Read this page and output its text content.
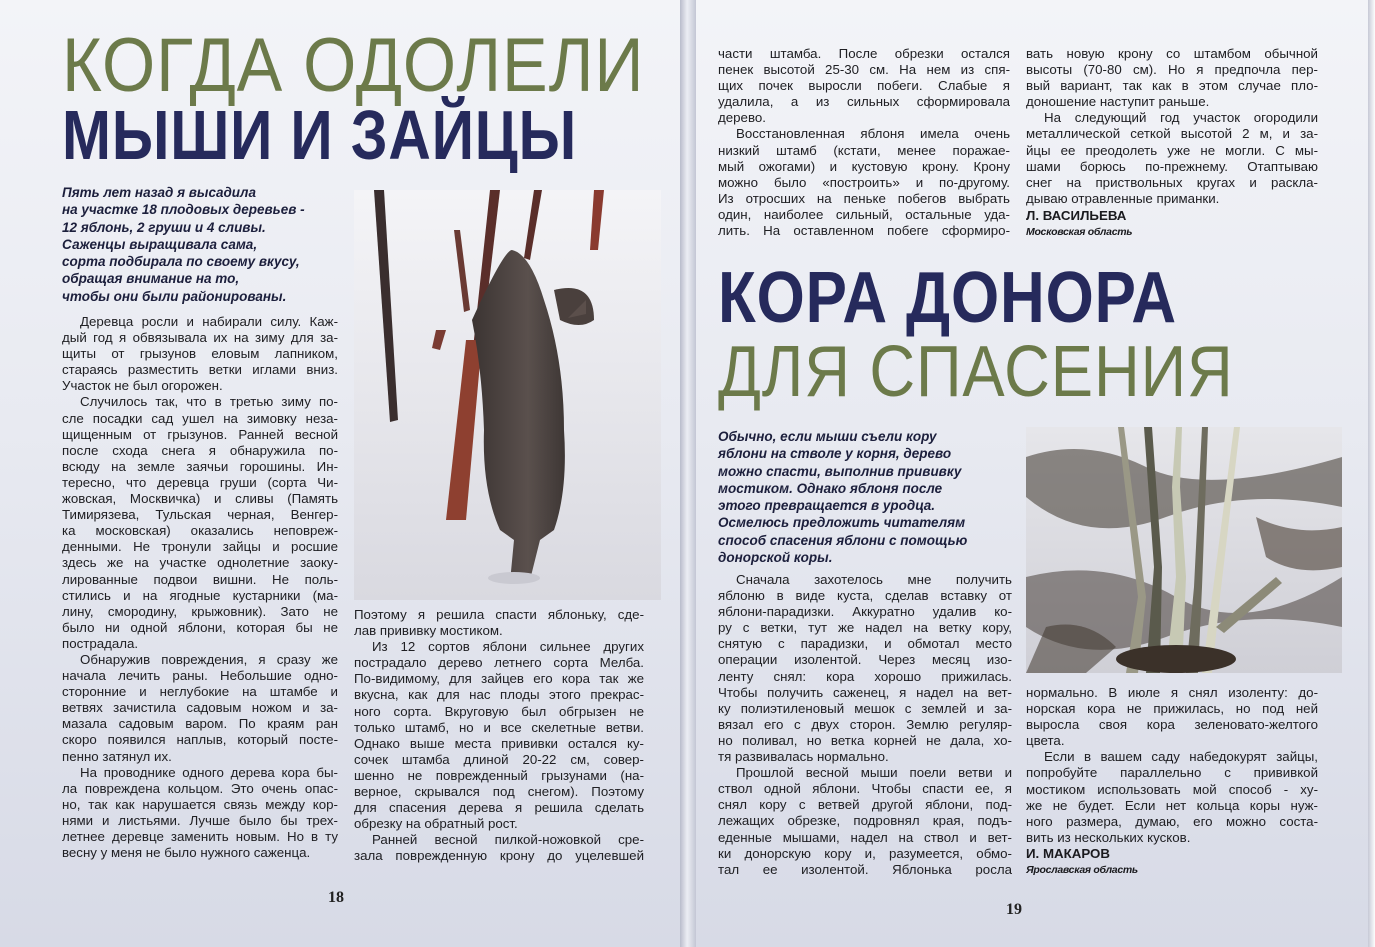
КОГДА ОДОЛЕЛИ
МЫШИ И ЗАЙЦЫ
Пять лет назад я высадила
на участке 18 плодовых деревьев -
12 яблонь, 2 груши и 4 сливы.
Саженцы выращивала сама,
сорта подбирала по своему вкусу,
обращая внимание на то,
чтобы они были районированы.
Деревца росли и набирали силу. Каж-
дый год я обвязывала их на зиму для за-
щиты от грызунов еловым лапником,
стараясь разместить ветки иглами вниз.
Участок не был огорожен.
Случилось так, что в третью зиму по-
сле посадки сад ушел на зимовку неза-
щищенным от грызунов. Ранней весной
после схода снега я обнаружила по-
всюду на земле заячьи горошины. Ин-
тересно, что деревца груши (сорта Чи-
жовская, Москвичка) и сливы (Память
Тимирязева, Тульская черная, Венгер-
ка московская) оказались неповреж-
денными. Не тронули зайцы и росшие
здесь же на участке однолетние заоку-
лированные подвои вишни. Не поль-
стились и на ягодные кустарники (ма-
лину, смородину, крыжовник). Зато не
было ни одной яблони, которая бы не
пострадала.
Обнаружив повреждения, я сразу же
начала лечить раны. Небольшие одно-
сторонние и неглубокие на штамбе и
ветвях зачистила садовым ножом и за-
мазала садовым варом. По краям ран
скоро появился наплыв, который посте-
пенно затянул их.
На проводнике одного дерева кора бы-
ла повреждена кольцом. Это очень опас-
но, так как нарушается связь между кор-
нями и листьями. Лучше было бы трех-
летнее деревце заменить новым. Но в ту
весну у меня не было нужного саженца.
Поэтому я решила спасти яблоньку, сде-
лав прививку мостиком.
Из 12 сортов яблони сильнее других
пострадало дерево летнего сорта Мелба.
По-видимому, для зайцев его кора так же
вкусна, как для нас плоды этого прекрас-
ного сорта. Вкруговую был обгрызен не
только штамб, но и все скелетные ветви.
Однако выше места прививки остался ку-
сочек штамба длиной 20-22 см, совер-
шенно не поврежденный грызунами (на-
верное, скрывался под снегом). Поэтому
для спасения дерева я решила сделать
обрезку на обратный рост.
Ранней весной пилкой-ножовкой сре-
зала поврежденную крону до уцелевшей
18
части штамба. После обрезки остался
пенек высотой 25-30 см. На нем из спя-
щих почек выросли побеги. Слабые я
удалила, а из сильных сформировала
дерево.
Восстановленная яблоня имела очень
низкий штамб (кстати, менее поражае-
мый ожогами) и кустовую крону. Крону
можно было «построить» и по-другому.
Из отросших на пеньке побегов выбрать
один, наиболее сильный, остальные уда-
лить. На оставленном побеге сформиро-
вать новую крону со штамбом обычной
высоты (70-80 см). Но я предпочла пер-
вый вариант, так как в этом случае пло-
доношение наступит раньше.
На следующий год участок огородили
металлической сеткой высотой 2 м, и за-
йцы ее преодолеть уже не могли. С мы-
шами борюсь по-прежнему. Отаптываю
снег на приствольных кругах и раскла-
дываю отравленные приманки.
Л. ВАСИЛЬЕВА
Московская область
КОРА ДОНОРА
ДЛЯ СПАСЕНИЯ
Обычно, если мыши съели кору
яблони на стволе у корня, дерево
можно спасти, выполнив прививку
мостиком. Однако яблоня после
этого превращается в уродца.
Осмелюсь предложить читателям
способ спасения яблони с помощью
донорской коры.
Сначала захотелось мне получить
яблоню в виде куста, сделав вставку от
яблони-парадизки. Аккуратно удалив ко-
ру с ветки, тут же надел на ветку кору,
снятую с парадизки, и обмотал место
операции изолентой. Через месяц изо-
ленту снял: кора хорошо прижилась.
Чтобы получить саженец, я надел на вет-
ку полиэтиленовый мешок с землей и за-
вязал его с двух сторон. Землю регуляр-
но поливал, но ветка корней не дала, хо-
тя развивалась нормально.
Прошлой весной мыши поели ветви и
ствол одной яблони. Чтобы спасти ее, я
снял кору с ветвей другой яблони, под-
лежащих обрезке, подровнял края, подъ-
еденные мышами, надел на ствол и вет-
ки донорскую кору и, разумеется, обмо-
тал ее изолентой. Яблонька росла
нормально. В июле я снял изоленту: до-
норская кора не прижилась, но под ней
выросла своя кора зеленовато-желтого
цвета.
Если в вашем саду набедокурят зайцы,
попробуйте параллельно с прививкой
мостиком использовать мой способ - ху-
же не будет. Если нет кольца коры нуж-
ного размера, думаю, его можно соста-
вить из нескольких кусков.
И. МАКАРОВ
Ярославская область
19
